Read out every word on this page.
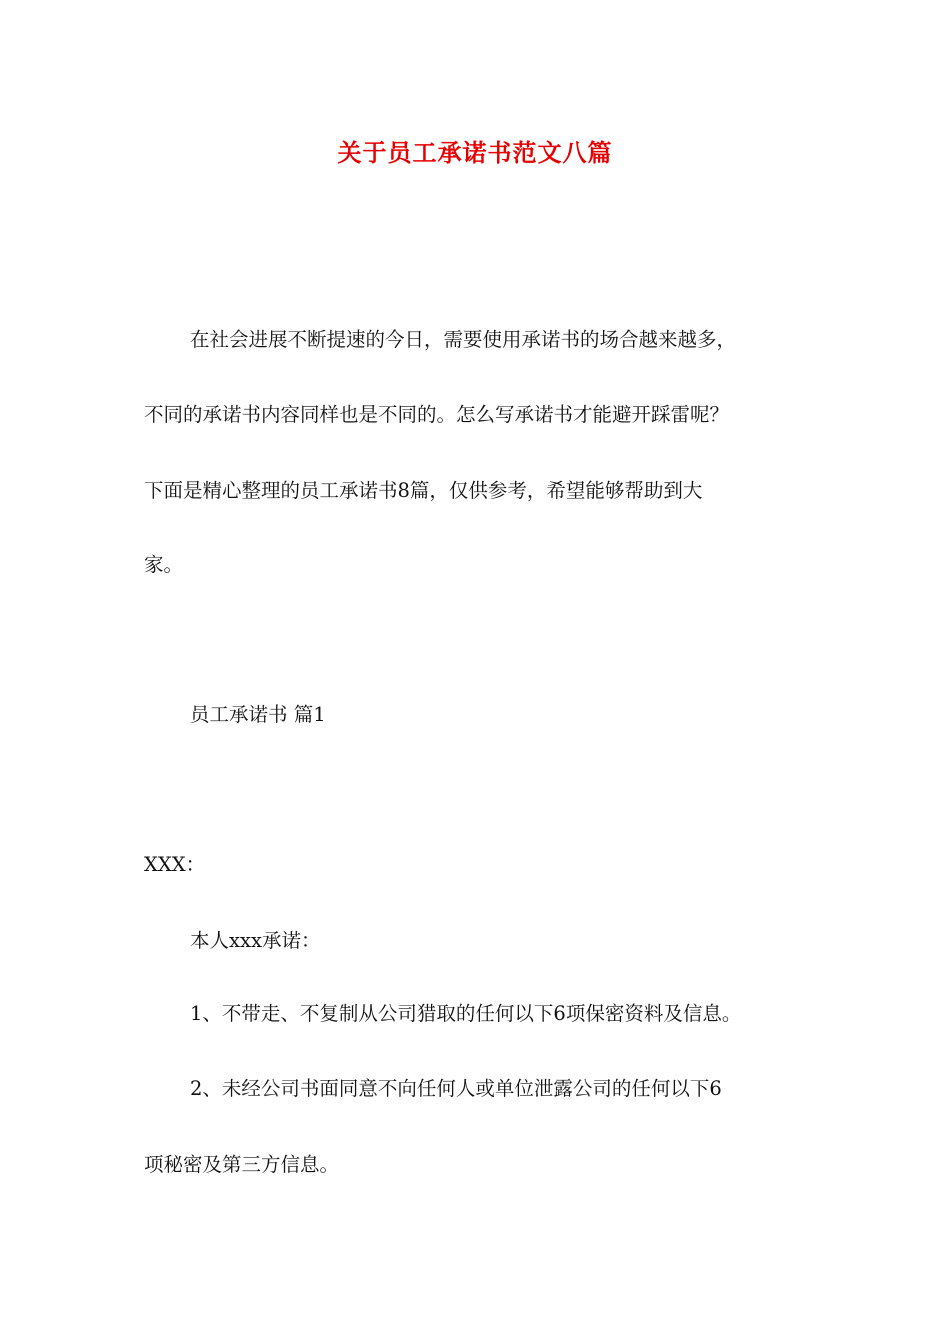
关于员工承诺书范文八篇

在社会进展不断提速的今日，需要使用承诺书的场合越来越多，

不同的承诺书内容同样也是不同的。怎么写承诺书才能避开踩雷呢？

下面是精心整理的员工承诺书8篇，仅供参考，希望能够帮助到大

家。

员工承诺书 篇1

XXX：

本人xxx承诺：

1、不带走、不复制从公司猎取的任何以下6项保密资料及信息。

2、未经公司书面同意不向任何人或单位泄露公司的任何以下6

项秘密及第三方信息。
